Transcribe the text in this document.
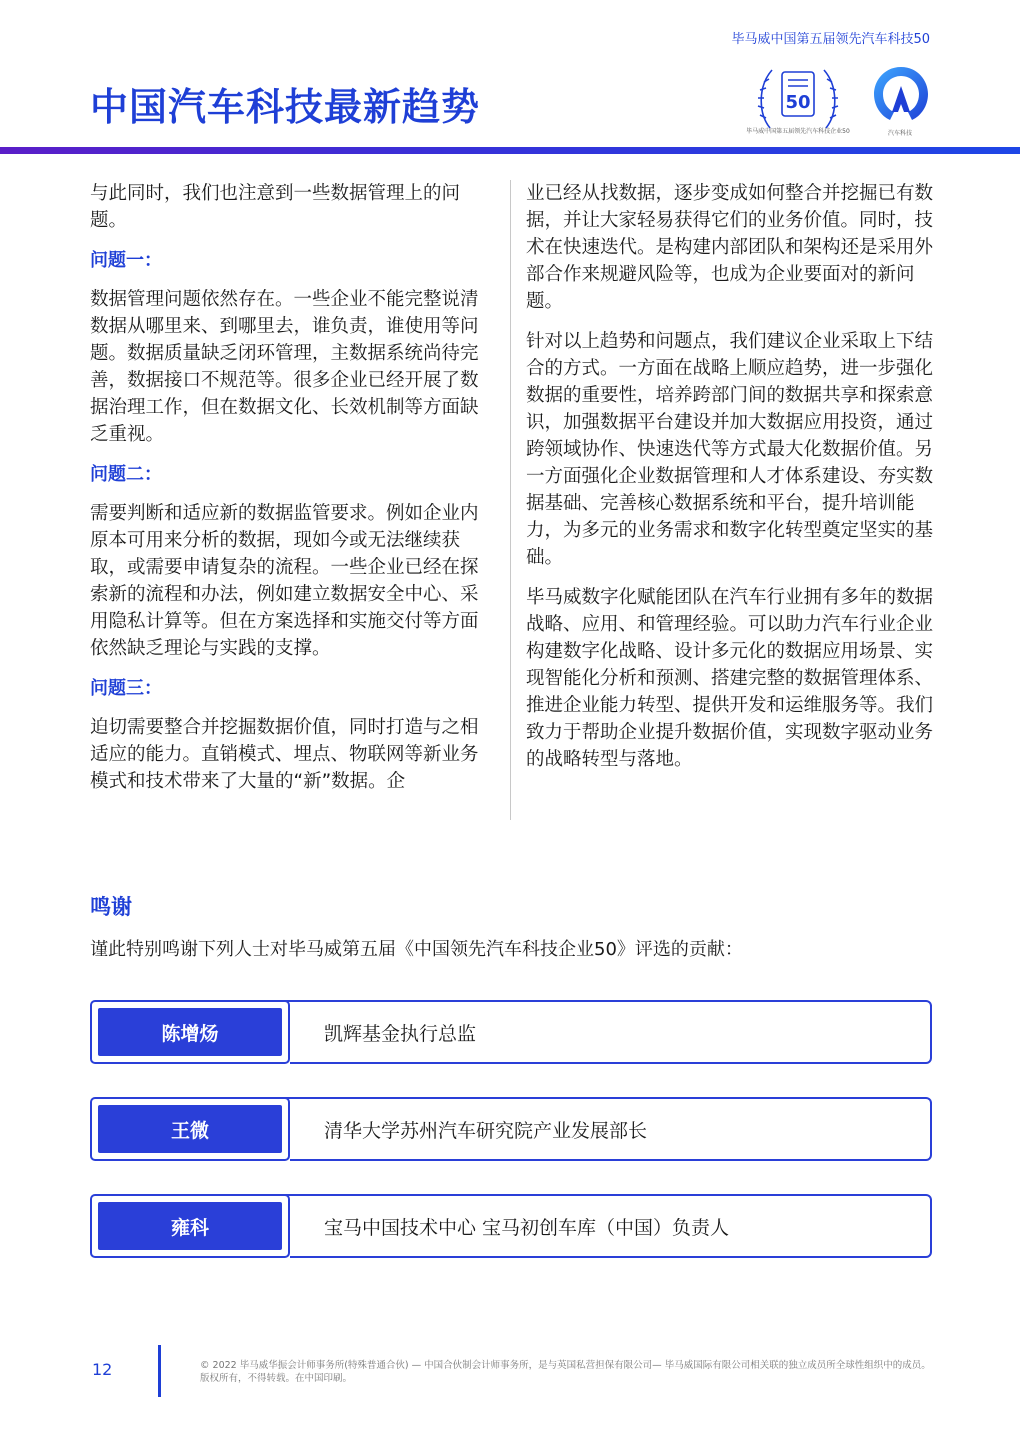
毕马威中国第五届领先汽车科技50
中国汽车科技最新趋势	50
毕马威中国第五届领先汽车科技企业50	汽车科技

与此同时，我们也注意到一些数据管理上的问题。

问题一：

数据管理问题依然存在。一些企业不能完整说清数据从哪里来、到哪里去，谁负责，谁使用等问题。数据质量缺乏闭环管理，主数据系统尚待完善，数据接口不规范等。很多企业已经开展了数据治理工作，但在数据文化、长效机制等方面缺乏重视。

问题二：

需要判断和适应新的数据监管要求。例如企业内原本可用来分析的数据，现如今或无法继续获取，或需要申请复杂的流程。一些企业已经在探索新的流程和办法，例如建立数据安全中心、采用隐私计算等。但在方案选择和实施交付等方面依然缺乏理论与实践的支撑。

问题三：

迫切需要整合并挖掘数据价值，同时打造与之相适应的能力。直销模式、埋点、物联网等新业务模式和技术带来了大量的“新”数据。企

业已经从找数据，逐步变成如何整合并挖掘已有数据，并让大家轻易获得它们的业务价值。同时，技术在快速迭代。是构建内部团队和架构还是采用外部合作来规避风险等，也成为企业要面对的新问题。

针对以上趋势和问题点，我们建议企业采取上下结合的方式。一方面在战略上顺应趋势，进一步强化数据的重要性，培养跨部门间的数据共享和探索意识，加强数据平台建设并加大数据应用投资，通过跨领域协作、快速迭代等方式最大化数据价值。另一方面强化企业数据管理和人才体系建设、夯实数据基础、完善核心数据系统和平台，提升培训能力，为多元的业务需求和数字化转型奠定坚实的基础。

毕马威数字化赋能团队在汽车行业拥有多年的数据战略、应用、和管理经验。可以助力汽车行业企业构建数字化战略、设计多元化的数据应用场景、实现智能化分析和预测、搭建完整的数据管理体系、推进企业能力转型、提供开发和运维服务等。我们致力于帮助企业提升数据价值，实现数字驱动业务的战略转型与落地。

鸣谢
谨此特别鸣谢下列人士对毕马威第五届《中国领先汽车科技企业50》评选的贡献：
陈增炀	凯辉基金执行总监
王微	清华大学苏州汽车研究院产业发展部长
雍科	宝马中国技术中心 宝马初创车库（中国）负责人
12	© 2022 毕马威华振会计师事务所(特殊普通合伙) — 中国合伙制会计师事务所，是与英国私营担保有限公司— 毕马威国际有限公司相关联的独立成员所全球性组织中的成员。版权所有，不得转载。在中国印刷。
